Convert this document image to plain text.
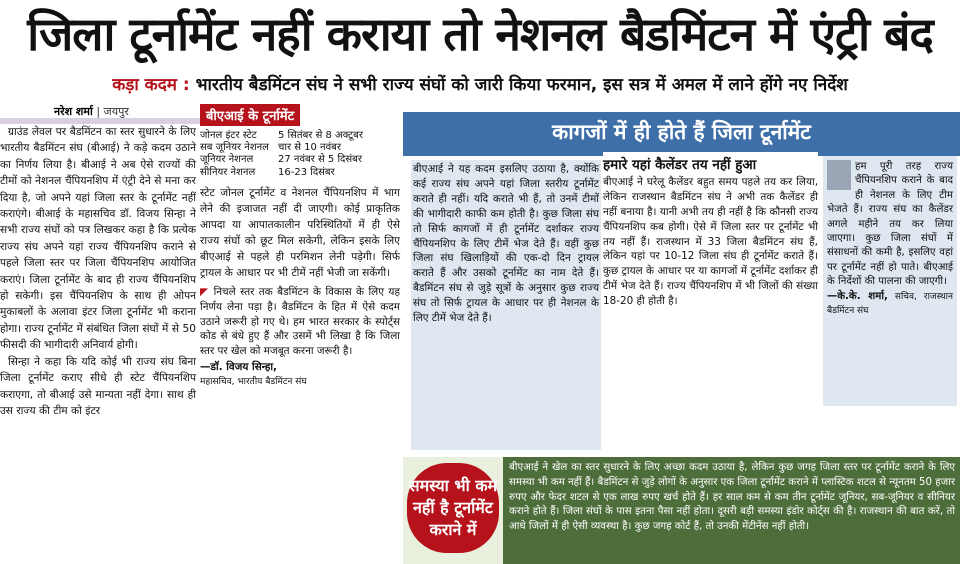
जिला टूर्नामेंट नहीं कराया तो नेशनल बैडमिंटन में एंट्री बंद
कड़ा कदम : भारतीय बैडमिंटन संघ ने सभी राज्य संघों को जारी किया फरमान, इस सत्र में अमल में लाने होंगे नए निर्देश
नरेश शर्मा | जयपुर

ग्राउंड लेवल पर बैडमिंटन का स्तर सुधारने के लिए भारतीय बैडमिंटन संघ (बीआई) ने कड़े कदम उठाने का निर्णय लिया है। बीआई ने अब ऐसे राज्यों की टीमों को नेशनल चैंपियनशिप में एंट्री देने से मना कर दिया है, जो अपने यहां जिला स्तर के टूर्नामेंट नहीं कराएंगे। बीआई के महासचिव डॉ. विजय सिन्हा ने सभी राज्य संघों को पत्र लिखकर कहा है कि प्रत्येक राज्य संघ अपने यहां राज्य चैंपियनशिप कराने से पहले जिला स्तर पर जिला चैंपियनशिप आयोजित कराएं। जिला टूर्नामेंट के बाद ही राज्य चैंपियनशिप हो सकेगी। इस चैंपियनशिप के साथ ही ओपन मुकाबलों के अलावा इंटर जिला टूर्नामेंट भी कराना होगा। राज्य टूर्नामेंट में संबंधित जिला संघों में से 50 फीसदी की भागीदारी अनिवार्य होगी।

सिन्हा ने कहा कि यदि कोई भी राज्य संघ बिना जिला टूर्नामेंट कराए सीधे ही स्टेट चैंपियनशिप कराएगा, तो बीआई उसे मान्यता नहीं देगा। साथ ही उस राज्य की टीम को इंटर

बीएआई के टूर्नामेंट
जोनल इंटर स्टेट	5 सितंबर से 8 अक्टूबर
सब जूनियर नेशनल चार से 10 नवंबर
जूनियर नेशनल	27 नवंबर से 5 दिसंबर
सीनियर नेशनल	16-23 दिसंबर

स्टेट जोनल टूर्नामेंट व नेशनल चैंपियनशिप में भाग लेने की इजाजत नहीं दी जाएगी। कोई प्राकृतिक आपदा या आपातकालीन परिस्थितियों में ही ऐसे राज्य संघों को छूट मिल सकेगी, लेकिन इसके लिए बीएआई से पहले ही परमिशन लेनी पड़ेगी। सिर्फ ट्रायल के आधार पर भी टीमें नहीं भेजी जा सकेंगी।

◤ निचले स्तर तक बैडमिंटन के विकास के लिए यह निर्णय लेना पड़ा है। बैडमिंटन के हित में ऐसे कदम उठाने जरूरी हो गए थे। हम भारत सरकार के स्पोर्ट्स कोड से बंधे हुए हैं और उसमें भी लिखा है कि जिला स्तर पर खेल को मजबूत करना जरूरी है।
—डॉ. विजय सिन्हा,
महासचिव, भारतीय बैडमिंटन संघ
कागजों में ही होते हैं जिला टूर्नामेंट
बीएआई ने यह कदम इसलिए उठाया है, क्योंकि कई राज्य संघ अपने यहां जिला स्तरीय टूर्नामेंट कराते ही नहीं। यदि कराते भी हैं, तो उनमें टीमों की भागीदारी काफी कम होती है। कुछ जिला संघ तो सिर्फ कागजों में ही टूर्नामेंट दर्शाकर राज्य चैंपियनशिप के लिए टीमें भेज देते हैं। वहीं कुछ जिला संघ खिलाड़ियों की एक-दो दिन ट्रायल कराते हैं और उसको टूर्नामेंट का नाम देते हैं। बैडमिंटन संघ से जुड़े सूत्रों के अनुसार कुछ राज्य संघ तो सिर्फ ट्रायल के आधार पर ही नेशनल के लिए टीमें भेज देते हैं।
हमारे यहां कैलेंडर तय नहीं हुआ
बीएआई ने घरेलू कैलेंडर बहुत समय पहले तय कर लिया, लेकिन राजस्थान बैडमिंटन संघ ने अभी तक कैलेंडर ही नहीं बनाया है। यानी अभी तय ही नहीं है कि कौनसी राज्य चैंपियनशिप कब होगी। ऐसे में जिला स्तर पर टूर्नामेंट भी तय नहीं हैं। राजस्थान में 33 जिला बैडमिंटन संघ हैं, लेकिन यहां पर 10-12 जिला संघ ही टूर्नामेंट कराते हैं। कुछ ट्रायल के आधार पर या कागजों में टूर्नामेंट दर्शाकर ही टीमें भेज देते हैं। राज्य चैंपियनशिप में भी जिलों की संख्या 18-20 ही होती है।
हम पूरी तरह राज्य चैंपियनशिप कराने के बाद ही नेशनल के लिए टीम भेजते हैं। राज्य संघ का कैलेंडर अगले महीने तय कर लिया जाएगा। कुछ जिला संघों में संसाधनों की कमी है, इसलिए वहां पर टूर्नामेंट नहीं हो पाते। बीएआई के निर्देशों की पालना की जाएगी।
—के.के. शर्मा, सचिव, राजस्थान बैडमिंटन संघ
समस्या भी कम नहीं है टूर्नामेंट कराने में
बीएआई ने खेल का स्तर सुधारने के लिए अच्छा कदम उठाया है, लेकिन कुछ जगह जिला स्तर पर टूर्नामेंट कराने के लिए समस्या भी कम नहीं हैं। बैडमिंटन से जुड़े लोगों के अनुसार एक जिला टूर्नामेंट कराने में प्लास्टिक शटल से न्यूनतम 50 हजार रुपए और फेदर शटल से एक लाख रुपए खर्च होते हैं। हर साल कम से कम तीन टूर्नामेंट जूनियर, सब-जूनियर व सीनियर कराने होते हैं। जिला संघों के पास इतना पैसा नहीं होता। दूसरी बड़ी समस्या इंडोर कोर्ट्स की है। राजस्थान की बात करें, तो आधे जिलों में ही ऐसी व्यवस्था है। कुछ जगह कोर्ट हैं, तो उनकी मेंटीनेंस नहीं होती।
